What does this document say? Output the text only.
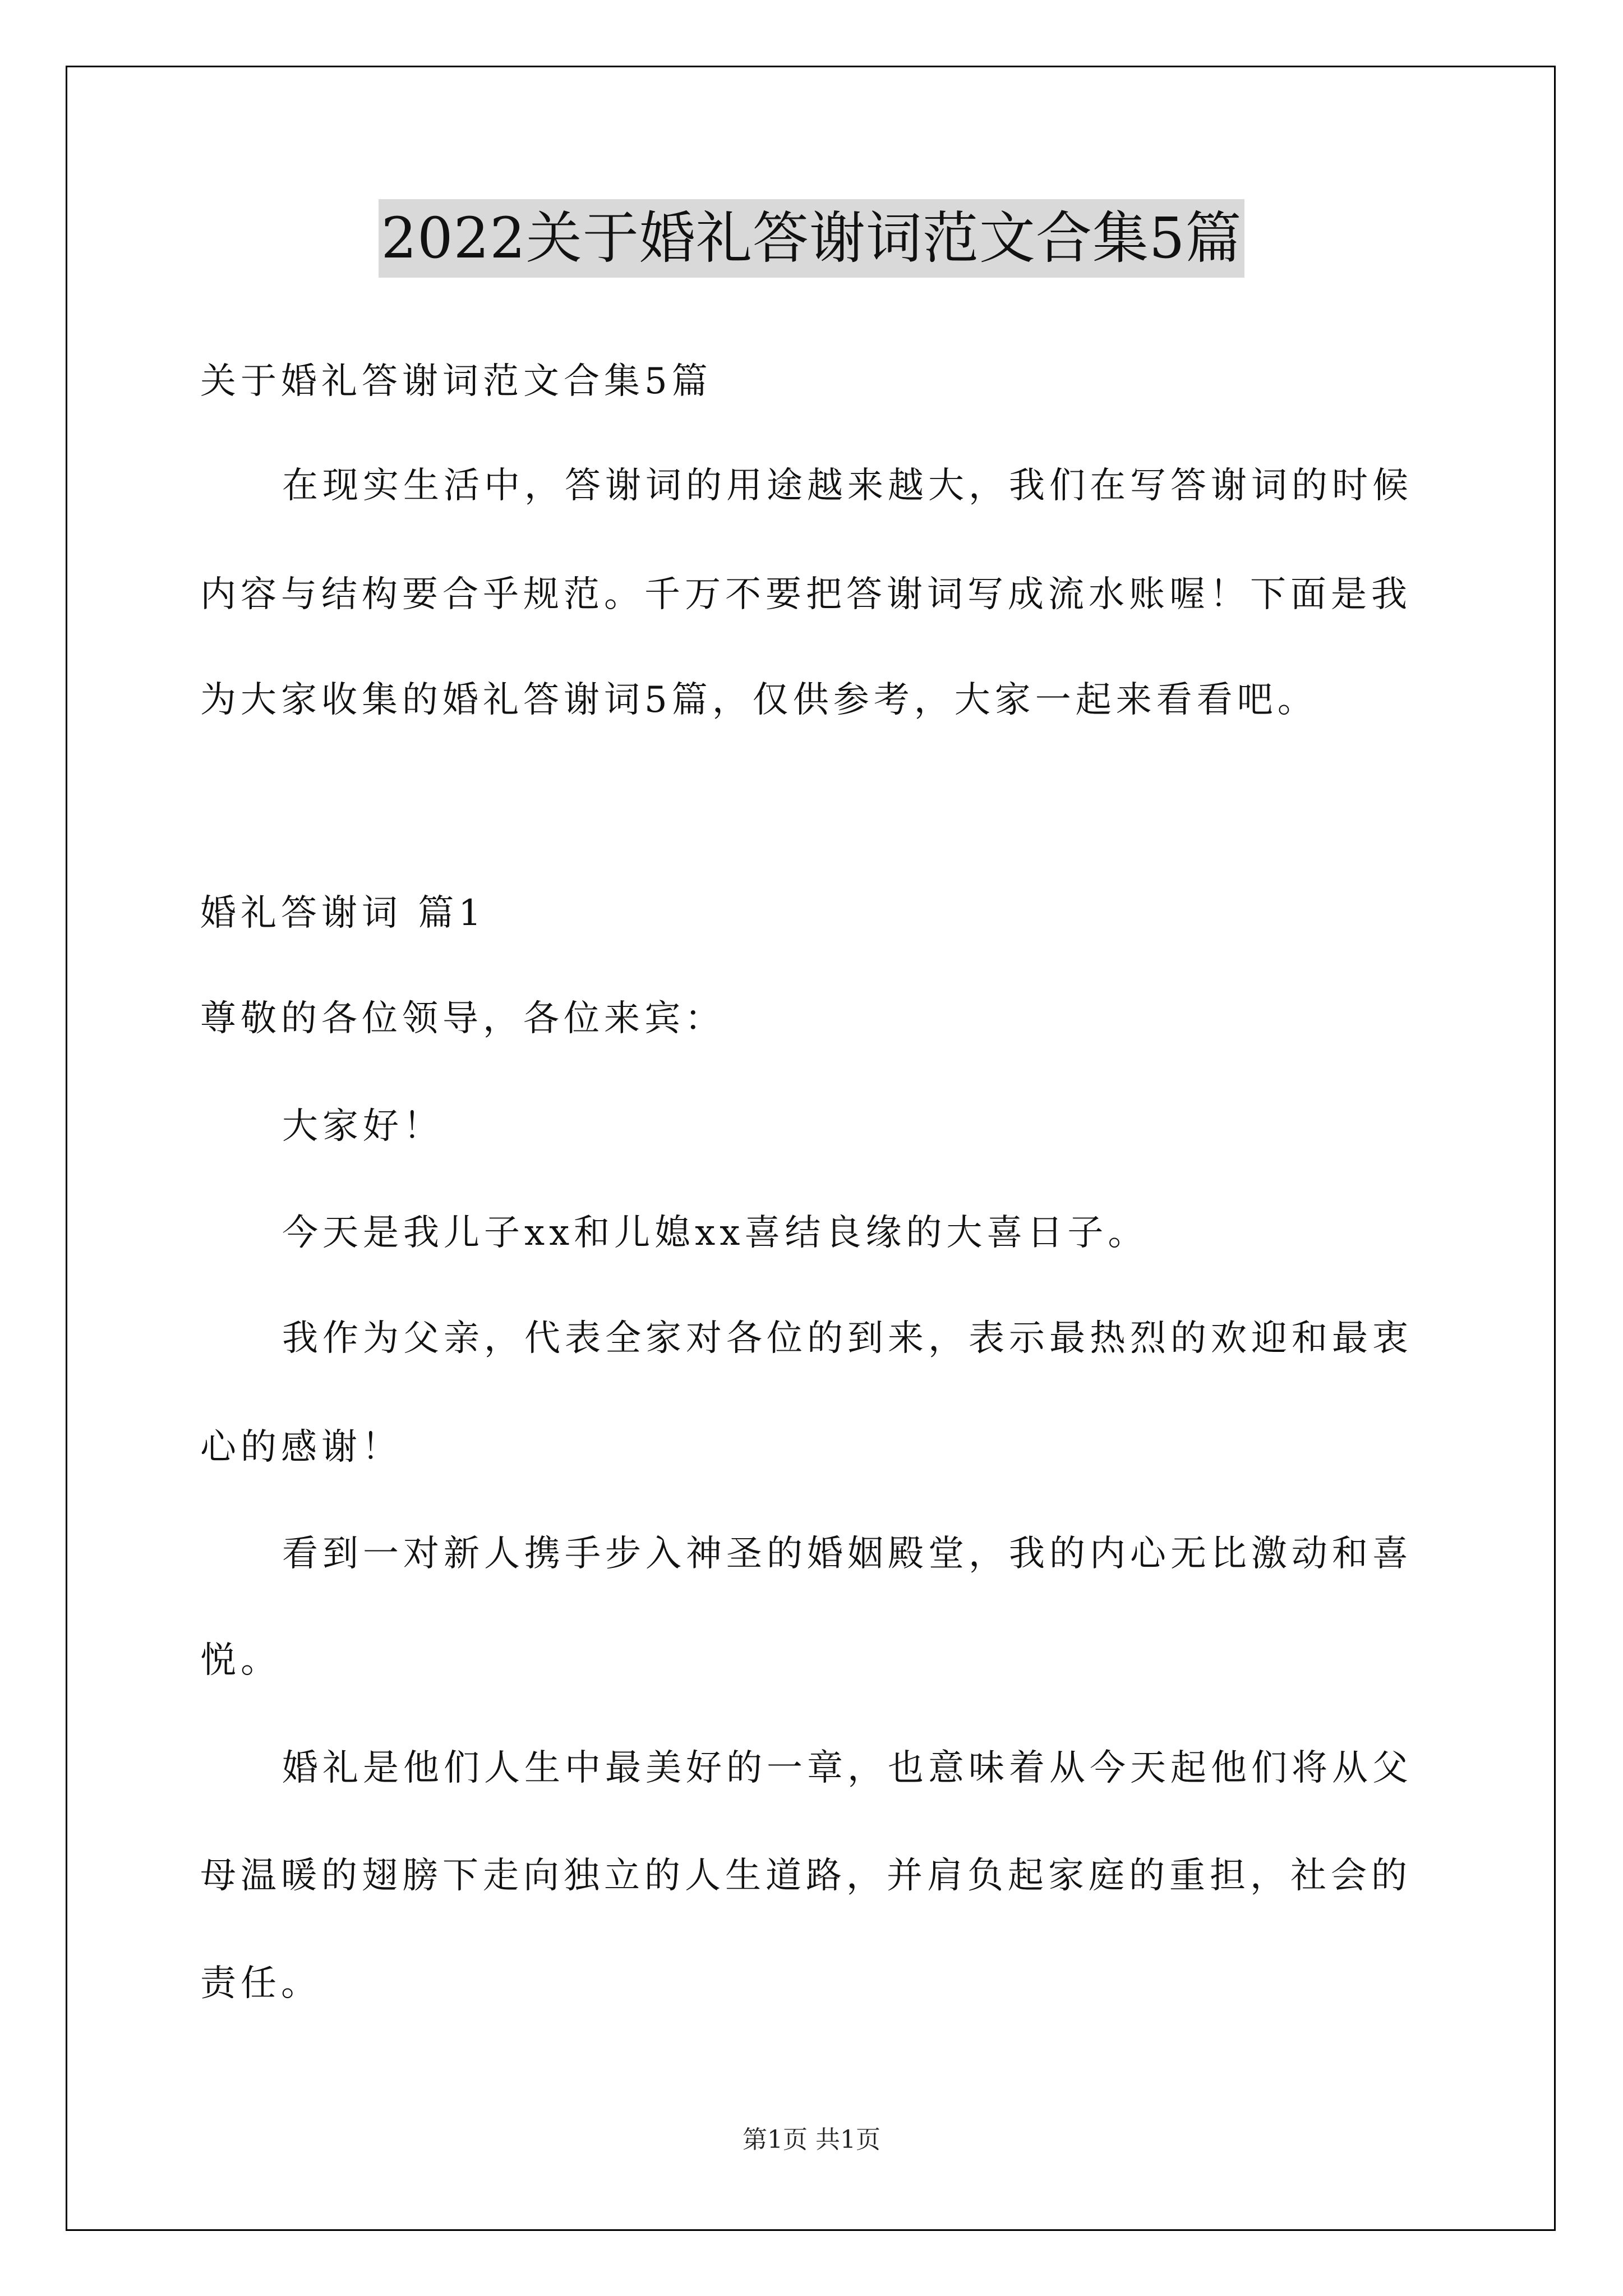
2022关于婚礼答谢词范文合集5篇
关于婚礼答谢词范文合集5篇
在现实生活中，答谢词的用途越来越大，我们在写答谢词的时候
内容与结构要合乎规范。千万不要把答谢词写成流水账喔！下面是我
为大家收集的婚礼答谢词5篇，仅供参考，大家一起来看看吧。
婚礼答谢词 篇1
尊敬的各位领导，各位来宾：
大家好！
今天是我儿子xx和儿媳xx喜结良缘的大喜日子。
我作为父亲，代表全家对各位的到来，表示最热烈的欢迎和最衷
心的感谢！
看到一对新人携手步入神圣的婚姻殿堂，我的内心无比激动和喜
悦。
婚礼是他们人生中最美好的一章，也意味着从今天起他们将从父
母温暖的翅膀下走向独立的人生道路，并肩负起家庭的重担，社会的
责任。
第1页 共1页
